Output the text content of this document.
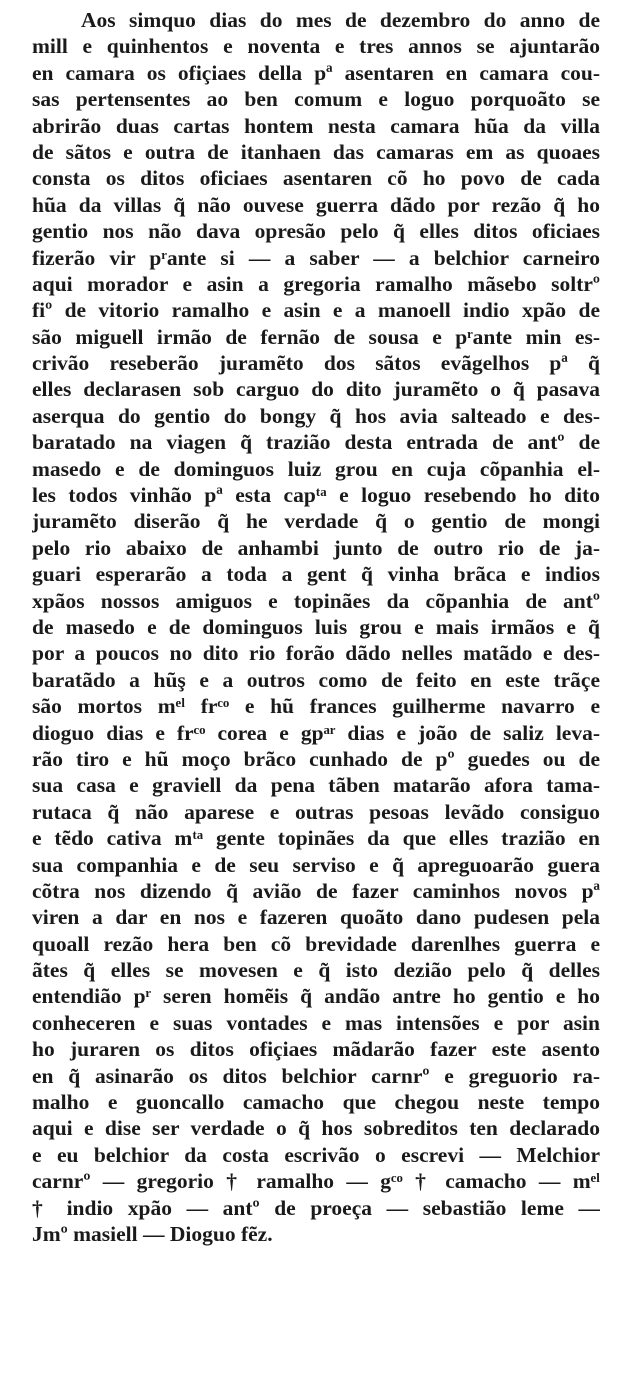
Aos simquo dias do mes de dezembro do anno de
mill e quinhentos e noventa e tres annos se ajuntarão
en camara os ofiçiaes della pª asentaren en camara cou-
sas pertensentes ao ben comum e loguo porquoãto se
abrirão duas cartas hontem nesta camara hũa da villa
de sãtos e outra de itanhaen das camaras em as quoaes
consta os ditos oficiaes asentaren cõ ho povo de cada
hũa da villas q̃ não ouvese guerra dãdo por rezão q̃ ho
gentio nos não dava opresão pelo q̃ elles ditos oficiaes
fizerão vir pʳante si — a saber — a belchior carneiro
aqui morador e asin a gregoria ramalho mãsebo soltrº
fiº de vitorio ramalho e asin e a manoell indio xpão de
são miguell irmão de fernão de sousa e pʳante min es-
crivão reseberão juramẽto dos sãtos evãgelhos pª q̃
elles declarasen sob carguo do dito juramẽto o q̃ pasava
aserqua do gentio do bongy q̃ hos avia salteado e des-
baratado na viagen q̃ trazião desta entrada de antº de
masedo e de dominguos luiz grou en cuja cõpanhia el-
les todos vinhão pª esta capᵗᵃ e loguo resebendo ho dito
juramẽto diserão q̃ he verdade q̃ o gentio de mongi
pelo rio abaixo de anhambi junto de outro rio de ja-
guari esperarão a toda a gent q̃ vinha brãca e indios
xpãos nossos amiguos e topinães da cõpanhia de antº
de masedo e de dominguos luis grou e mais irmãos e q̃
por a poucos no dito rio forão dãdo nelles matãdo e des-
baratãdo a hũş e a outros como de feito en este trãçe
são mortos mᵉˡ frᶜᵒ e hũ frances guilherme navarro e
dioguo dias e frᶜᵒ corea e gpᵃʳ dias e joão de saliz leva-
rão tiro e hũ moço brãco cunhado de pº guedes ou de
sua casa e graviell da pena tãben matarão afora tama-
rutaca q̃ não aparese e outras pesoas levãdo consiguo
e tẽdo cativa mᵗᵃ gente topinães da que elles trazião en
sua companhia e de seu serviso e q̃ apreguoarão guera
cõtra nos dizendo q̃ avião de fazer caminhos novos pª
viren a dar en nos e fazeren quoãto dano pudesen pela
quoall rezão hera ben cõ brevidade darenlhes guerra e
ãtes q̃ elles se movesen e q̃ isto dezião pelo q̃ delles
entendião pʳ seren homẽis q̃ andão antre ho gentio e ho
conheceren e suas vontades e mas intensões e por asin
ho juraren os ditos ofiçiaes mãdarão fazer este asento
en q̃ asinarão os ditos belchior carnrº e greguorio ra-
malho e guoncallo camacho que chegou neste tempo
aqui e dise ser verdade o q̃ hos sobreditos ten declarado
e eu belchior da costa escrivão o escrevi — Melchior
carnrº — gregorio † ramalho — gᶜᵒ † camacho — mᵉˡ
† indio xpão — antº de proeça — sebastião leme —
Jmº masiell — Dioguo fẽz.
